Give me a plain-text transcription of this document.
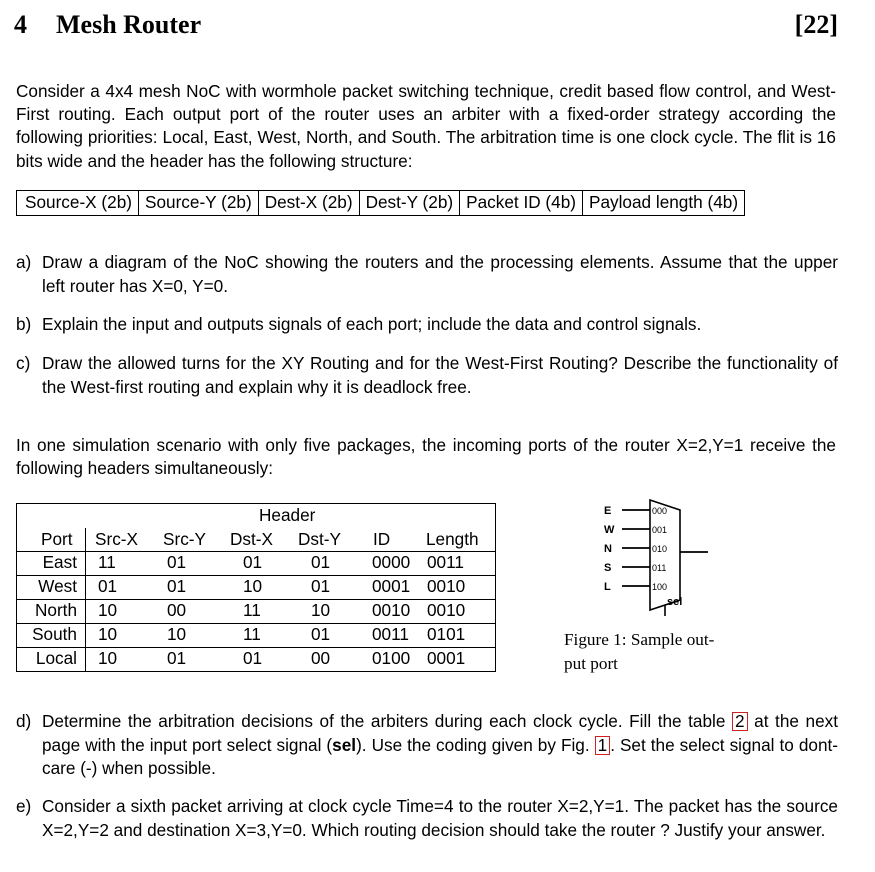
4 Mesh Router	[22]
Consider a 4x4 mesh NoC with wormhole packet switching technique, credit based flow control, and West-First routing. Each output port of the router uses an arbiter with a fixed-order strategy according the following priorities: Local, East, West, North, and South. The arbitration time is one clock cycle. The flit is 16 bits wide and the header has the following structure:
Source-X (2b) Source-Y (2b) Dest-X (2b) Dest-Y (2b) Packet ID (4b) Payload length (4b)
a) Draw a diagram of the NoC showing the routers and the processing elements. Assume that the upper left router has X=0, Y=0.
b) Explain the input and outputs signals of each port; include the data and control signals.
c) Draw the allowed turns for the XY Routing and for the West-First Routing? Describe the functionality of the West-first routing and explain why it is deadlock free.
In one simulation scenario with only five packages, the incoming ports of the router X=2,Y=1 receive the following headers simultaneously:
Header
Port Src-X Src-Y Dst-X Dst-Y ID Length
East 11	01	01	01 0000 0011
West 01	01	10	01 0001 0010
North 10	00	11	10 0010 0010
South 10	10	11	01 0011 0101
Local 10	01	01	00 0100 0001
E	000
W	001
N	010
S	011
L	100
sel
Figure 1: Sample out-
put port
d) Determine the arbitration decisions of the arbiters during each clock cycle. Fill the table 2 at the next page with the input port select signal (sel). Use the coding given by Fig. 1 . Set the select signal to dont-care (-) when possible.
e) Consider a sixth packet arriving at clock cycle Time=4 to the router X=2,Y=1. The packet has the source X=2,Y=2 and destination X=3,Y=0. Which routing decision should take the router ? Justify your answer.
